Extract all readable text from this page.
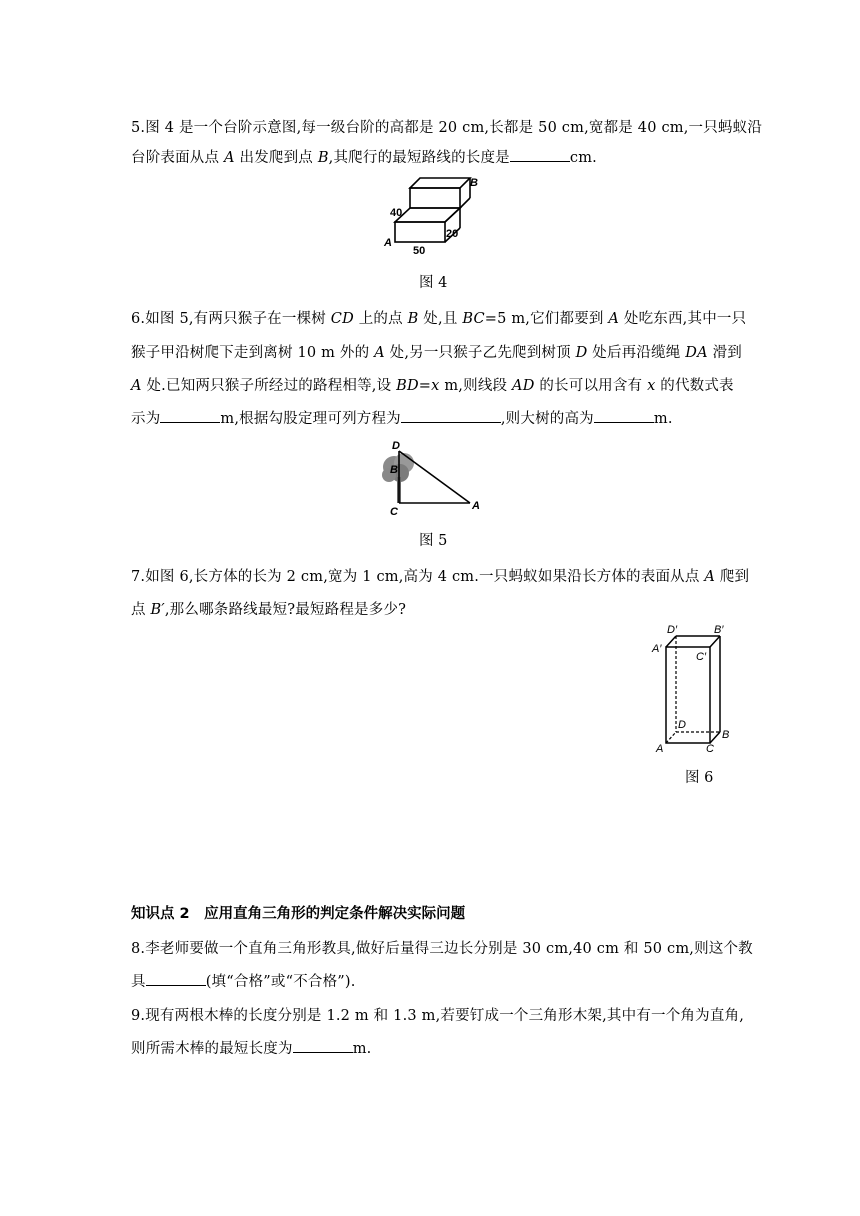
5.图 4 是一个台阶示意图,每一级台阶的高都是 20 cm,长都是 50 cm,宽都是 40 cm,一只蚂蚁沿
台阶表面从点 A 出发爬到点 B,其爬行的最短路线的长度是	cm.
B
40
20
A
50
图 4
6.如图 5,有两只猴子在一棵树 CD 上的点 B 处,且 BC=5 m,它们都要到 A 处吃东西,其中一只
猴子甲沿树爬下走到离树 10 m 外的 A 处,另一只猴子乙先爬到树顶 D 处后再沿缆绳 DA 滑到
A 处.已知两只猴子所经过的路程相等,设 BD=x m,则线段 AD 的长可以用含有 x 的代数式表
示为	m,根据勾股定理可列方程为	,则大树的高为	m.
D
B
C	A
图 5
7.如图 6,长方体的长为 2 cm,宽为 1 cm,高为 4 cm.一只蚂蚁如果沿长方体的表面从点 A 爬到
点 B′,那么哪条路线最短?最短路程是多少?
D′	B′
A′
C′
D
A	C
B
图 6
知识点 2　应用直角三角形的判定条件解决实际问题
8.李老师要做一个直角三角形教具,做好后量得三边长分别是 30 cm,40 cm 和 50 cm,则这个教
具	(填“合格”或“不合格”).
9.现有两根木棒的长度分别是 1.2 m 和 1.3 m,若要钉成一个三角形木架,其中有一个角为直角,
则所需木棒的最短长度为	m.
